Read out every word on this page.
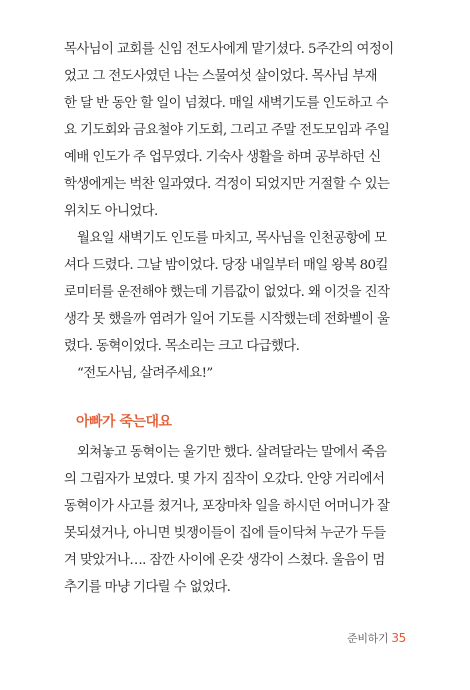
목사님이 교회를 신임 전도사에게 맡기셨다. 5주간의 여정이
었고 그 전도사였던 나는 스물여섯 살이었다. 목사님 부재
한 달 반 동안 할 일이 넘쳤다. 매일 새벽기도를 인도하고 수
요 기도회와 금요철야 기도회, 그리고 주말 전도모임과 주일
예배 인도가 주 업무였다. 기숙사 생활을 하며 공부하던 신
학생에게는 벅찬 일과였다. 걱정이 되었지만 거절할 수 있는
위치도 아니었다.
월요일 새벽기도 인도를 마치고, 목사님을 인천공항에 모
셔다 드렸다. 그날 밤이었다. 당장 내일부터 매일 왕복 80킬
로미터를 운전해야 했는데 기름값이 없었다. 왜 이것을 진작
생각 못 했을까 염려가 일어 기도를 시작했는데 전화벨이 울
렸다. 동혁이었다. 목소리는 크고 다급했다.
“전도사님, 살려주세요!”
아빠가 죽는대요
외쳐놓고 동혁이는 울기만 했다. 살려달라는 말에서 죽음
의 그림자가 보였다. 몇 가지 짐작이 오갔다. 안양 거리에서
동혁이가 사고를 쳤거나, 포장마차 일을 하시던 어머니가 잘
못되셨거나, 아니면 빚쟁이들이 집에 들이닥쳐 누군가 두들
겨 맞았거나…. 잠깐 사이에 온갖 생각이 스쳤다. 울음이 멈
추기를 마냥 기다릴 수 없었다.
준비하기 35
